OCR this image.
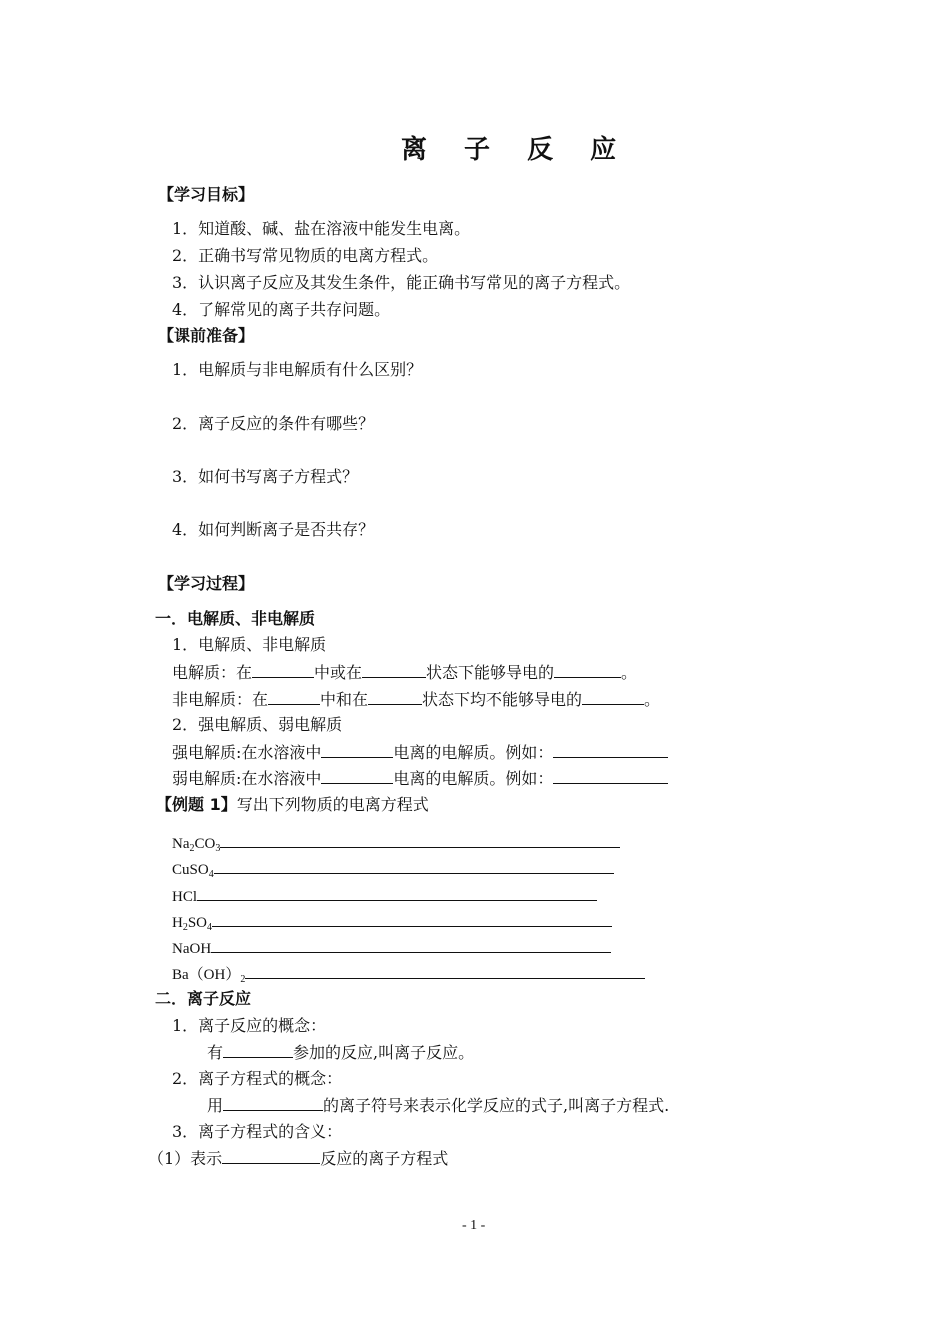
离 子 反 应
【学习目标】
1．知道酸、碱、盐在溶液中能发生电离。
2．正确书写常见物质的电离方程式。
3．认识离子反应及其发生条件，能正确书写常见的离子方程式。
4．了解常见的离子共存问题。
【课前准备】
1．电解质与非电解质有什么区别？
2．离子反应的条件有哪些？
3．如何书写离子方程式？
4．如何判断离子是否共存？
【学习过程】
一．电解质、非电解质
1．电解质、非电解质
电解质：在	中或在	状态下能够导电的	。
非电解质：在	中和在	状态下均不能够导电的	。
2．强电解质、弱电解质
强电解质:在水溶液中	电离的电解质。例如：
弱电解质:在水溶液中	电离的电解质。例如：
【例题 1】写出下列物质的电离方程式
$Na_2CO_3$
CuSO$_4$
HCl
$H_2SO_4$
NaOH
$Ba(OH)_2$
二．离子反应
1．离子反应的概念：
有	参加的反应,叫离子反应。
2．离子方程式的概念：
用	的离子符号来表示化学反应的式子,叫离子方程式.
3．离子方程式的含义：
（1）表示	反应的离子方程式
- 1 -
